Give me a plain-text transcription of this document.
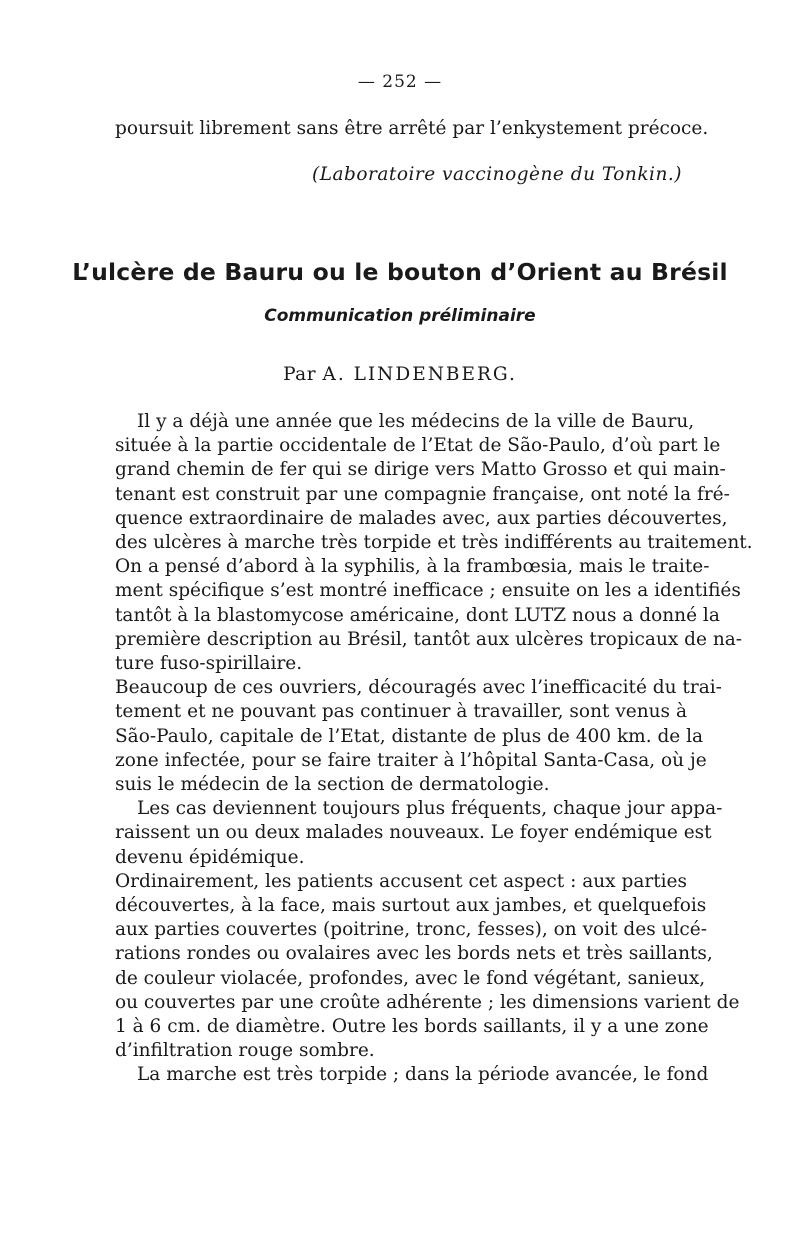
— 252 —
poursuit librement sans être arrêté par l’enkystement précoce.
(Laboratoire vaccinogène du Tonkin.)
L’ulcère de Bauru ou le bouton d’Orient au Brésil
Communication préliminaire
Par A. LINDENBERG.
Il y a déjà une année que les médecins de la ville de Bauru,
située à la partie occidentale de l’Etat de São-Paulo, d’où part le
grand chemin de fer qui se dirige vers Matto Grosso et qui main-
tenant est construit par une compagnie française, ont noté la fré-
quence extraordinaire de malades avec, aux parties découvertes,
des ulcères à marche très torpide et très indifférents au traitement.
On a pensé d’abord à la syphilis, à la frambœsia, mais le traite-
ment spécifique s’est montré inefficace ; ensuite on les a identifiés
tantôt à la blastomycose américaine, dont LUTZ nous a donné la
première description au Brésil, tantôt aux ulcères tropicaux de na-
ture fuso-spirillaire.
Beaucoup de ces ouvriers, découragés avec l’inefficacité du trai-
tement et ne pouvant pas continuer à travailler, sont venus à
São-Paulo, capitale de l’Etat, distante de plus de 400 km. de la
zone infectée, pour se faire traiter à l’hôpital Santa-Casa, où je
suis le médecin de la section de dermatologie.
Les cas deviennent toujours plus fréquents, chaque jour appa-
raissent un ou deux malades nouveaux. Le foyer endémique est
devenu épidémique.
Ordinairement, les patients accusent cet aspect : aux parties
découvertes, à la face, mais surtout aux jambes, et quelquefois
aux parties couvertes (poitrine, tronc, fesses), on voit des ulcé-
rations rondes ou ovalaires avec les bords nets et très saillants,
de couleur violacée, profondes, avec le fond végétant, sanieux,
ou couvertes par une croûte adhérente ; les dimensions varient de
1 à 6 cm. de diamètre. Outre les bords saillants, il y a une zone
d’infiltration rouge sombre.
La marche est très torpide ; dans la période avancée, le fond
